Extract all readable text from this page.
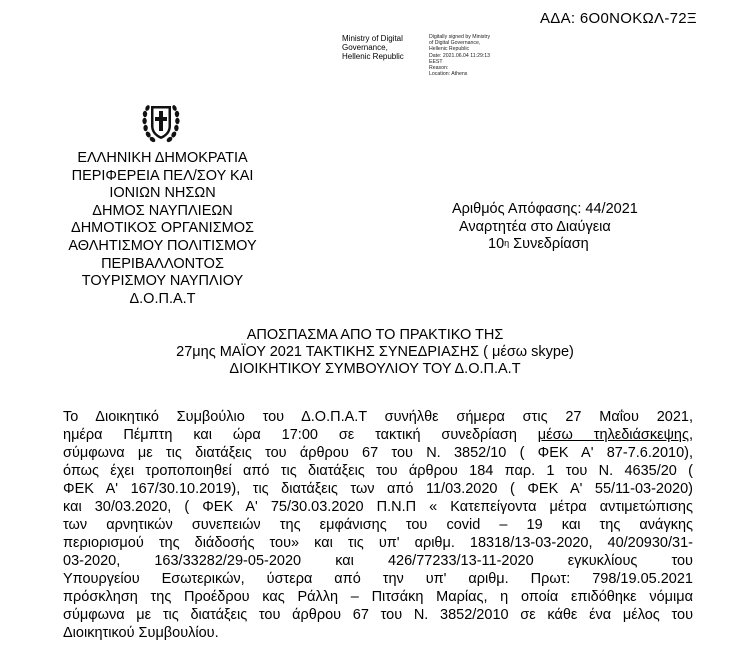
ΑΔΑ: 6Ο0ΝΟΚΩΛ-72Ξ
Ministry of Digital
Governance,
Hellenic Republic
Digitally signed by Ministry
of Digital Governance,
Hellenic Republic
Date: 2021.06.04 11:29:13
EEST
Reason:
Location: Athens
ΕΛΛΗΝΙΚΗ ΔΗΜΟΚΡΑΤΙΑ
ΠΕΡΙΦΕΡΕΙΑ ΠΕΛ/ΣΟΥ ΚΑΙ
ΙΟΝΙΩΝ ΝΗΣΩΝ
ΔΗΜΟΣ ΝΑΥΠΛΙΕΩΝ
ΔΗΜΟΤΙΚΟΣ ΟΡΓΑΝΙΣΜΟΣ
ΑΘΛΗΤΙΣΜΟΥ ΠΟΛΙΤΙΣΜΟΥ
ΠΕΡΙΒΑΛΛΟΝΤΟΣ
ΤΟΥΡΙΣΜΟΥ ΝΑΥΠΛΙΟΥ
Δ.Ο.Π.Α.Τ
Αριθμός Απόφασης: 44/2021
Αναρτητέα στο Διαύγεια
$10^\eta$ Συνεδρίαση
ΑΠΟΣΠΑΣΜΑ ΑΠΟ ΤΟ ΠΡΑΚΤΙΚΟ ΤΗΣ
27μης ΜΑΪΟΥ 2021 ΤΑΚΤΙΚΗΣ ΣΥΝΕΔΡΙΑΣΗΣ ( μέσω skype)
ΔΙΟΙΚΗΤΙΚΟΥ ΣΥΜΒΟΥΛΙΟΥ ΤΟΥ Δ.Ο.Π.Α.Τ
Το Διοικητικό Συμβούλιο του Δ.Ο.Π.Α.Τ συνήλθε σήμερα στις 27 Μαΐου 2021,
ημέρα Πέμπτη και ώρα 17:00 σε τακτική συνεδρίαση μέσω τηλεδιάσκεψης,
σύμφωνα με τις διατάξεις του άρθρου 67 του Ν. 3852/10 ( ΦΕΚ Α' 87-7.6.2010),
όπως έχει τροποποιηθεί από τις διατάξεις του άρθρου 184 παρ. 1 του Ν. 4635/20 (
ΦΕΚ Α' 167/30.10.2019), τις διατάξεις των από 11/03.2020 ( ΦΕΚ Α' 55/11-03-2020)
και 30/03.2020, ( ΦΕΚ Α' 75/30.03.2020 Π.Ν.Π « Κατεπείγοντα μέτρα αντιμετώπισης
των αρνητικών συνεπειών της εμφάνισης του covid – 19 και της ανάγκης
περιορισμού της διάδοσής του» και τις υπ' αριθμ. 18318/13-03-2020, 40/20930/31-
03-2020, 163/33282/29-05-2020 και 426/77233/13-11-2020 εγκυκλίους του
Υπουργείου Εσωτερικών, ύστερα από την υπ' αριθμ. Πρωτ: 798/19.05.2021
πρόσκληση της Προέδρου κας Ράλλη – Πιτσάκη Μαρίας, η οποία επιδόθηκε νόμιμα
σύμφωνα με τις διατάξεις του άρθρου 67 του Ν. 3852/2010 σε κάθε ένα μέλος του
Διοικητικού Συμβουλίου.
